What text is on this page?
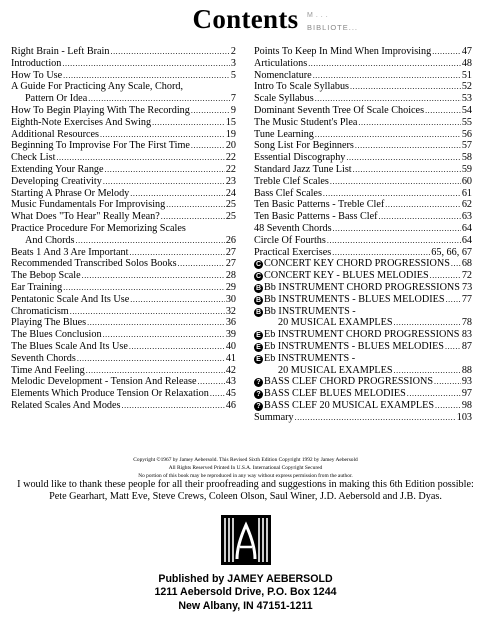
Contents	M...
BIBLIOTE...
Right Brain - Left Brain .....	2
Introduction .....	3
How To Use .....	5
A Guide For Practicing Any Scale, Chord,
Pattern Or Idea .....	7
How To Begin Playing With The Recording .....	9
Eighth-Note Exercises And Swing .....	15
Additional Resources .....	19
Beginning To Improvise For The First Time .....	20
Check List .....	22
Extending Your Range .....	22
Developing Creativity .....	23
Starting A Phrase Or Melody .....	24
Music Fundamentals For Improvising .....	25
What Does "To Hear" Really Mean? .....	25
Practice Procedure For Memorizing Scales
And Chords .....	26
Beats 1 And 3 Are Important .....	27
Recommended Transcribed Solos Books .....	27
The Bebop Scale .....	28
Ear Training .....	29
Pentatonic Scale And Its Use .....	30
Chromaticism .....	32
Playing The Blues .....	36
The Blues Conclusion .....	39
The Blues Scale And Its Use .....	40
Seventh Chords .....	41
Time And Feeling .....	42
Melodic Development - Tension And Release .....	43
Elements Which Produce Tension Or Relaxation ..... 45
Related Scales And Modes .....	46
Points To Keep In Mind When Improvising .....	47
Articulations .....	48
Nomenclature .....	51
Intro To Scale Syllabus .....	52
Scale Syllabus .....	53
Dominant Seventh Tree Of Scale Choices .....	54
The Music Student's Plea .....	55
Tune Learning .....	56
Song List For Beginners .....	57
Essential Discography .....	58
Standard Jazz Tune List .....	59
Treble Clef Scales .....	60
Bass Clef Scales .....	61
Ten Basic Patterns - Treble Clef .....	62
Ten Basic Patterns - Bass Clef .....	63
48 Seventh Chords .....	64
Circle Of Fourths .....	64
Practical Exercises .....	65, 66, 67
C CONCERT KEY CHORD PROGRESSIONS ..... 68
C CONCERT KEY - BLUES MELODIES .....	72
B Bb INSTRUMENT CHORD PROGRESSIONS 73
B Bb INSTRUMENTS - BLUES MELODIES ..... 77
B Bb INSTRUMENTS -
20 MUSICAL EXAMPLES .....	78
E Eb INSTRUMENT CHORD PROGRESSIONS ..... 83
E Eb INSTRUMENTS - BLUES MELODIES ..... 87
E Eb INSTRUMENTS -
20 MUSICAL EXAMPLES .....	88
? BASS CLEF CHORD PROGRESSIONS .....	93
? BASS CLEF BLUES MELODIES .....	97
? BASS CLEF 20 MUSICAL EXAMPLES .....	98
Summary .....	103
Copyright ©1967 by Jamey Aebersold. This Revised Sixth Edition Copyright 1992 by Jamey Aebersold
All Rights Reserved Printed In U.S.A. International Copyright Secured
No portion of this book may be reproduced in any way without express permission from the author.
I would like to thank these people for all their proofreading and suggestions in making this 6th Edition possible:
Pete Gearhart, Matt Eve, Steve Crews, Coleen Olson, Saul Winer, J.D. Aebersold and J.B. Dyas.
A
Published by JAMEY AEBERSOLD
1211 Aebersold Drive, P.O. Box 1244
New Albany, IN 47151-1211
